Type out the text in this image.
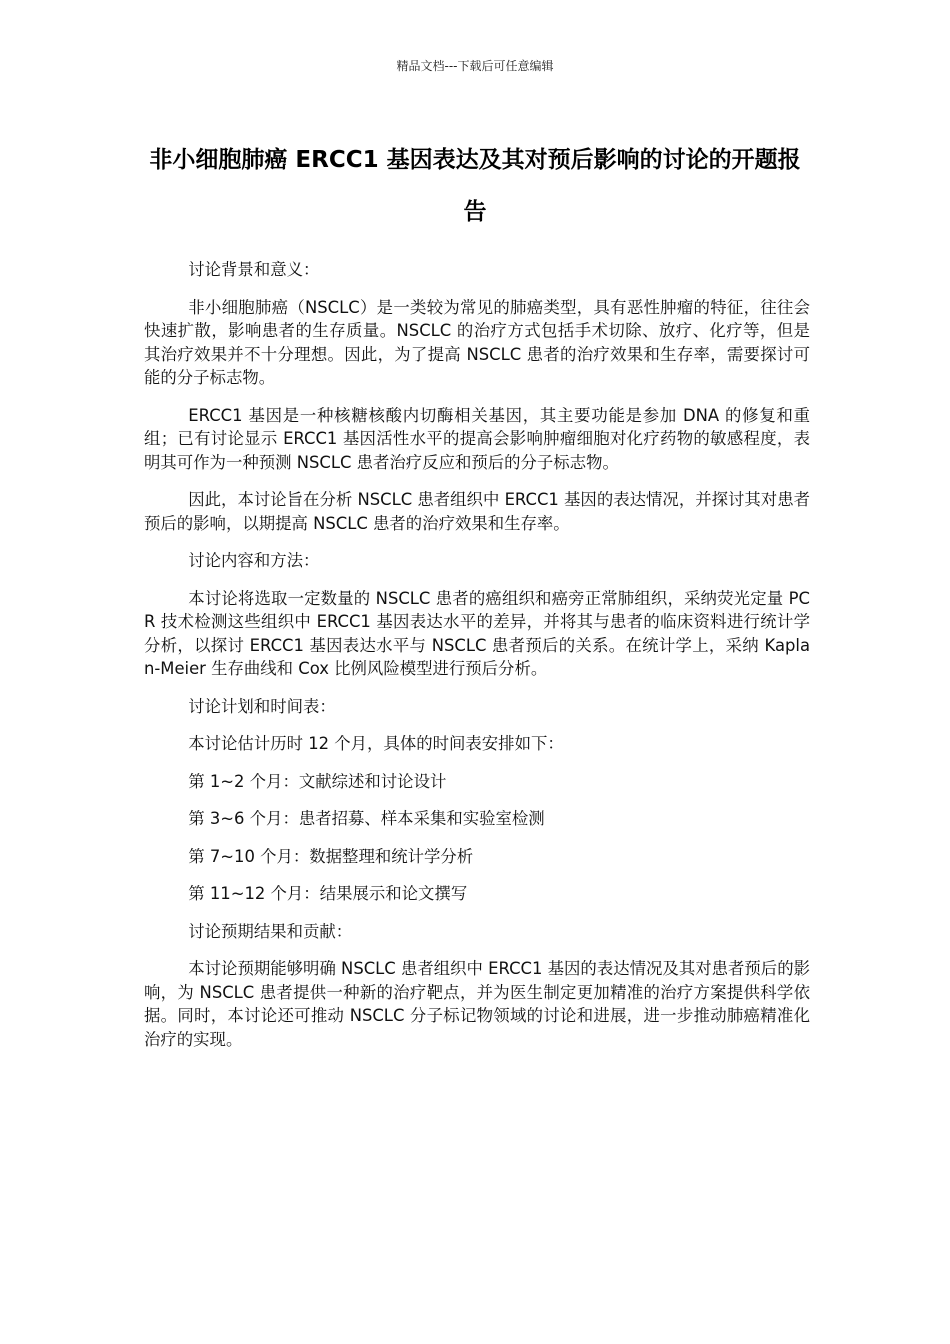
精品文档---下载后可任意编辑
非小细胞肺癌 ERCC1 基因表达及其对预后影响的讨论的开题报告

讨论背景和意义：

非小细胞肺癌（NSCLC）是一类较为常见的肺癌类型，具有恶性肿瘤的特征，往往会快速扩散，影响患者的生存质量。NSCLC 的治疗方式包括手术切除、放疗、化疗等，但是其治疗效果并不十分理想。因此，为了提高 NSCLC 患者的治疗效果和生存率，需要探讨可能的分子标志物。

ERCC1 基因是一种核糖核酸内切酶相关基因，其主要功能是参加 DNA 的修复和重组；已有讨论显示 ERCC1 基因活性水平的提高会影响肿瘤细胞对化疗药物的敏感程度，表明其可作为一种预测 NSCLC 患者治疗反应和预后的分子标志物。

因此，本讨论旨在分析 NSCLC 患者组织中 ERCC1 基因的表达情况，并探讨其对患者预后的影响，以期提高 NSCLC 患者的治疗效果和生存率。

讨论内容和方法：

本讨论将选取一定数量的 NSCLC 患者的癌组织和癌旁正常肺组织，采纳荧光定量 PCR 技术检测这些组织中 ERCC1 基因表达水平的差异，并将其与患者的临床资料进行统计学分析，以探讨 ERCC1 基因表达水平与 NSCLC 患者预后的关系。在统计学上，采纳 Kaplan-Meier 生存曲线和 Cox 比例风险模型进行预后分析。

讨论计划和时间表：

本讨论估计历时 12 个月，具体的时间表安排如下：

第 1~2 个月：文献综述和讨论设计

第 3~6 个月：患者招募、样本采集和实验室检测

第 7~10 个月：数据整理和统计学分析

第 11~12 个月：结果展示和论文撰写

讨论预期结果和贡献：

本讨论预期能够明确 NSCLC 患者组织中 ERCC1 基因的表达情况及其对患者预后的影响，为 NSCLC 患者提供一种新的治疗靶点，并为医生制定更加精准的治疗方案提供科学依据。同时，本讨论还可推动 NSCLC 分子标记物领域的讨论和进展，进一步推动肺癌精准化治疗的实现。
